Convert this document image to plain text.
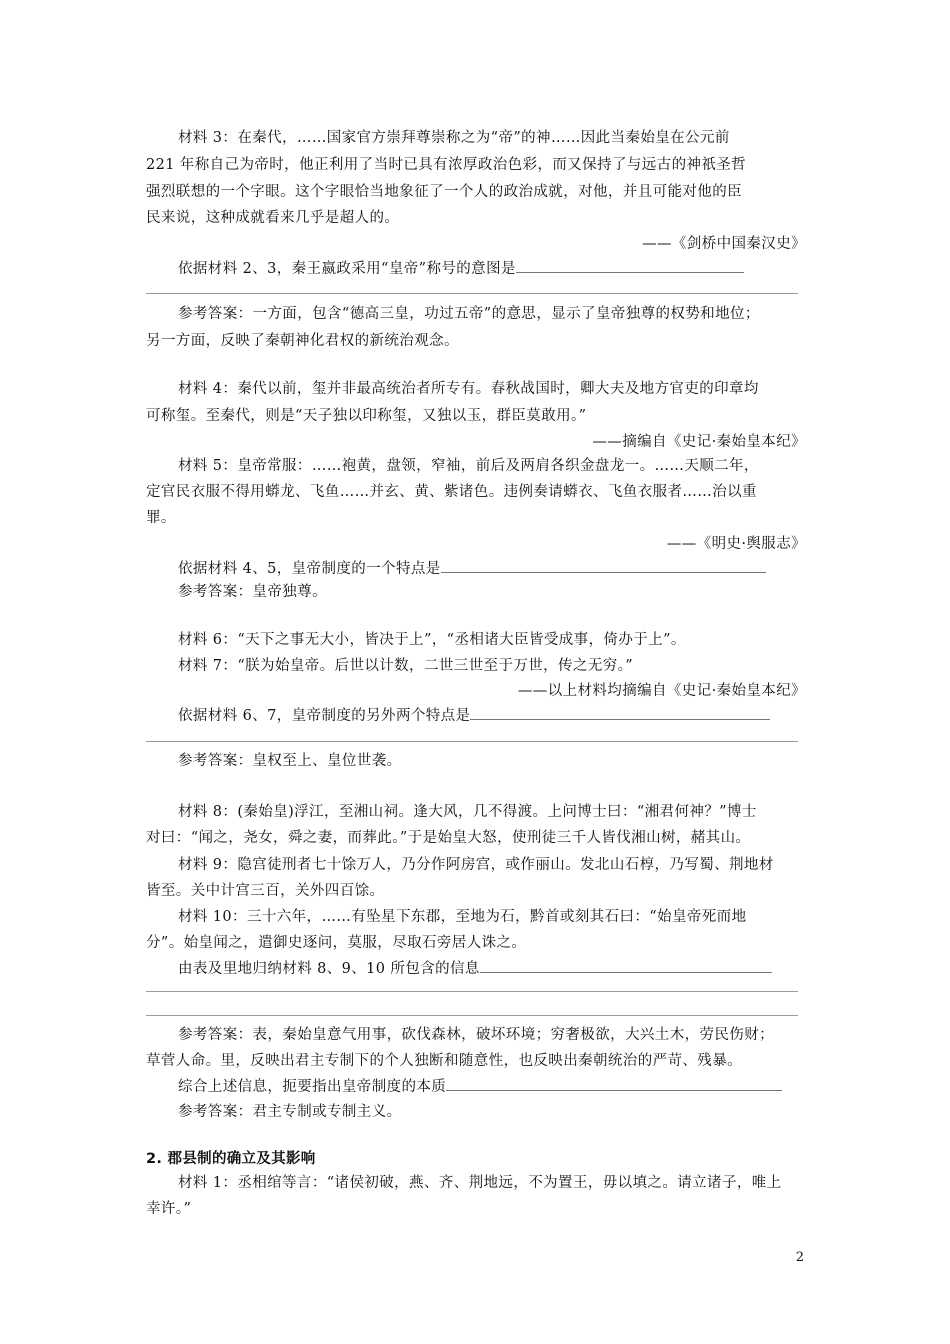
材料 3：在秦代，……国家官方崇拜尊崇称之为“帝”的神……因此当秦始皇在公元前
221 年称自己为帝时，他正利用了当时已具有浓厚政治色彩，而又保持了与远古的神祇圣哲
强烈联想的一个字眼。这个字眼恰当地象征了一个人的政治成就，对他，并且可能对他的臣
民来说，这种成就看来几乎是超人的。
——《剑桥中国秦汉史》
依据材料 2、3，秦王嬴政采用“皇帝”称号的意图是
参考答案：一方面，包含“德高三皇，功过五帝”的意思，显示了皇帝独尊的权势和地位；
另一方面，反映了秦朝神化君权的新统治观念。
材料 4：秦代以前，玺并非最高统治者所专有。春秋战国时，卿大夫及地方官吏的印章均
可称玺。至秦代，则是“天子独以印称玺，又独以玉，群臣莫敢用。”
——摘编自《史记·秦始皇本纪》
材料 5：皇帝常服：……袍黄，盘领，窄袖，前后及两肩各织金盘龙一。……天顺二年，
定官民衣服不得用蟒龙、飞鱼……并玄、黄、紫诸色。违例奏请蟒衣、飞鱼衣服者……治以重
罪。
——《明史·舆服志》
依据材料 4、5，皇帝制度的一个特点是
参考答案：皇帝独尊。
材料 6：“天下之事无大小，皆决于上”，“丞相诸大臣皆受成事，倚办于上”。
材料 7：“朕为始皇帝。后世以计数，二世三世至于万世，传之无穷。”
——以上材料均摘编自《史记·秦始皇本纪》
依据材料 6、7，皇帝制度的另外两个特点是
参考答案：皇权至上、皇位世袭。
材料 8：(秦始皇)浮江，至湘山祠。逢大风，几不得渡。上问博士曰：“湘君何神？”博士
对曰：“闻之，尧女，舜之妻，而葬此。”于是始皇大怒，使刑徒三千人皆伐湘山树，赭其山。
材料 9：隐宫徒刑者七十馀万人，乃分作阿房宫，或作丽山。发北山石椁，乃写蜀、荆地材
皆至。关中计宫三百，关外四百馀。
材料 10：三十六年，……有坠星下东郡，至地为石，黔首或刻其石曰：“始皇帝死而地
分”。始皇闻之，遣御史逐问，莫服，尽取石旁居人诛之。
由表及里地归纳材料 8、9、10 所包含的信息
参考答案：表，秦始皇意气用事，砍伐森林，破坏环境；穷奢极欲，大兴土木，劳民伤财；
草菅人命。里，反映出君主专制下的个人独断和随意性，也反映出秦朝统治的严苛、残暴。
综合上述信息，扼要指出皇帝制度的本质
参考答案：君主专制或专制主义。
2. 郡县制的确立及其影响
材料 1：丞相绾等言：“诸侯初破，燕、齐、荆地远，不为置王，毋以填之。请立诸子，唯上
幸许。”
2
